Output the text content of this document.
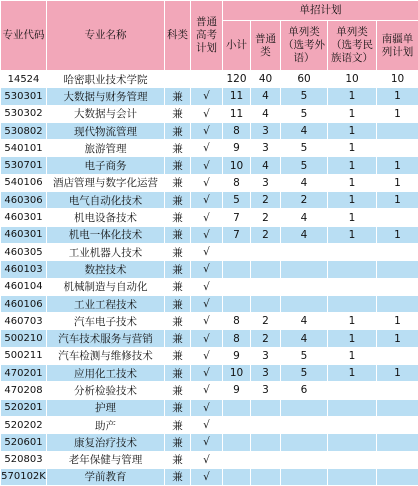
专业代码	专业名称	科类	普通高考计划	单招计划				
				小计	普通类	单列类（选考外语）	单列类（选考民族语文）	南疆单列计划
14524	哈密职业技术学院			120	40	60	10	10
530301	大数据与财务管理	兼	√	11	4	5	1	1
530302	大数据与会计	兼	√	11	4	5	1	1
530802	现代物流管理	兼	√	8	3	4	1	
540101	旅游管理	兼	√	9	3	5	1	
530701	电子商务	兼	√	10	4	5	1	1
540106	酒店管理与数字化运营	兼	√	8	3	4	1	1
460306	电气自动化技术	兼	√	5	2	2	1	1
460301	机电设备技术	兼	√	7	2	4	1	
460301	机电一体化技术	兼	√	7	2	4	1	1
460305	工业机器人技术	兼	√					
460103	数控技术	兼	√					
460104	机械制造与自动化	兼	√					
460106	工业工程技术	兼	√					
460703	汽车电子技术	兼	√	8	2	4	1	1
500210	汽车技术服务与营销	兼	√	8	2	4	1	1
500211	汽车检测与维修技术	兼	√	9	3	5	1	
470201	应用化工技术	兼	√	10	3	5	1	1
470208	分析检验技术	兼	√	9	3	6		
520201	护理	兼	√					
520202	助产	兼	√					
520601	康复治疗技术	兼	√					
520803	老年保健与管理	兼	√					
570102K	学前教育	兼	√					
